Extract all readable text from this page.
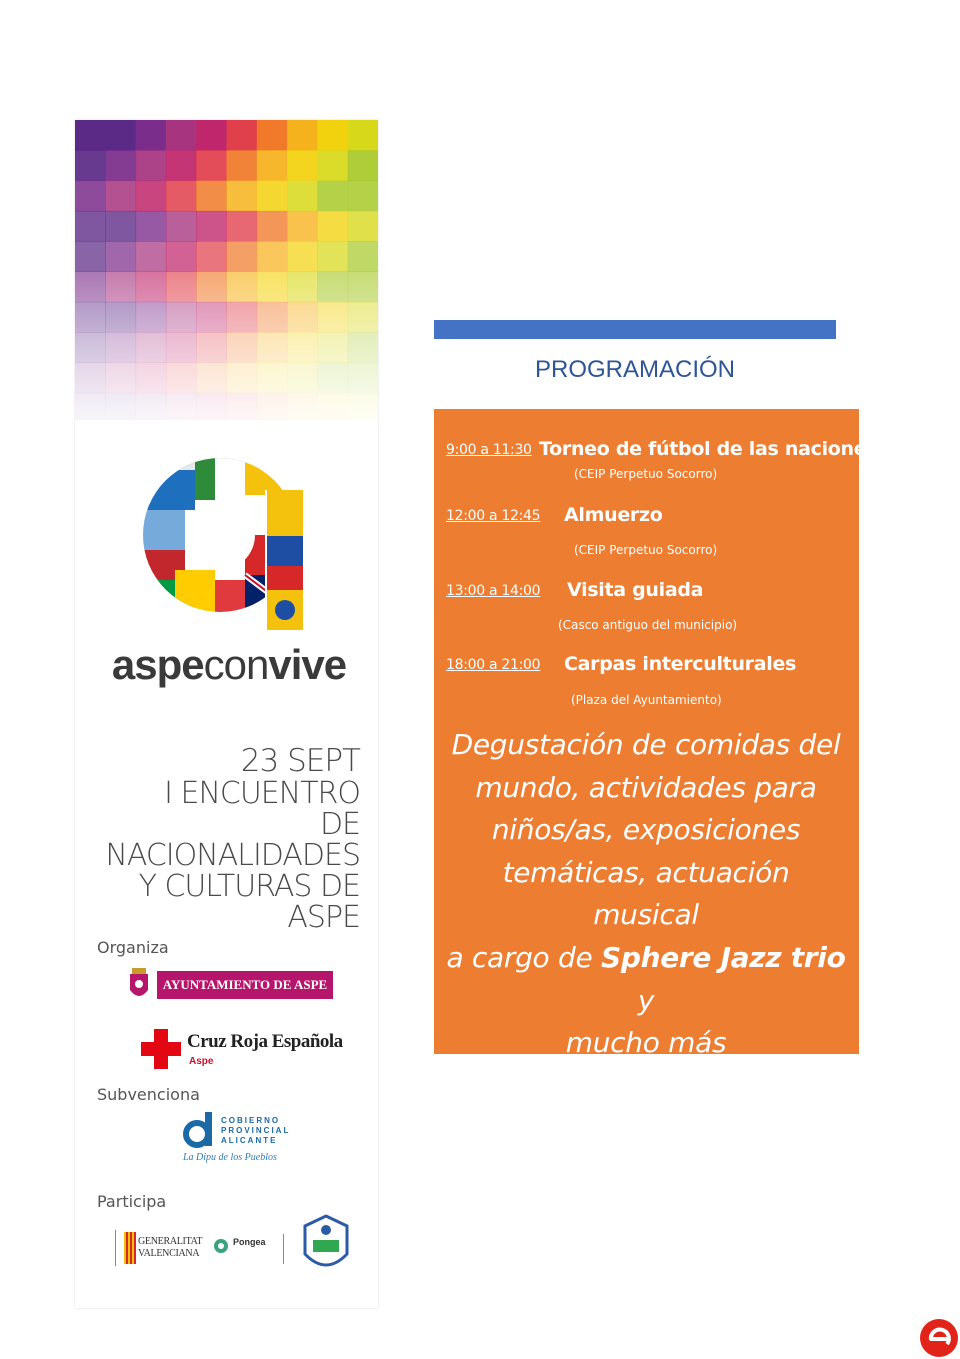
aspeconvive
23 SEPT
I ENCUENTRO
DE NACIONALIDADES
Y CULTURAS DE ASPE
Organiza
AYUNTAMIENTO DE ASPE
Cruz Roja Española
Aspe
Subvenciona
COBIERNO
PROVINCIAL
ALICANTE
La Dipu de los Pueblos
Participa
GENERALITAT
VALENCIANA
Pongea
PROGRAMACIÓN
9:00 a 11:30 Torneo de fútbol de las naciones
(CEIP Perpetuo Socorro)
12:00 a 12:45 Almuerzo
(CEIP Perpetuo Socorro)
13:00 a 14:00 Visita guiada
(Casco antiguo del municipio)
18:00 a 21:00 Carpas interculturales
(Plaza del Ayuntamiento)
Degustación de comidas del
mundo, actividades para
niños/as, exposiciones
temáticas, actuación musical
a cargo de Sphere Jazz trio y
mucho más
